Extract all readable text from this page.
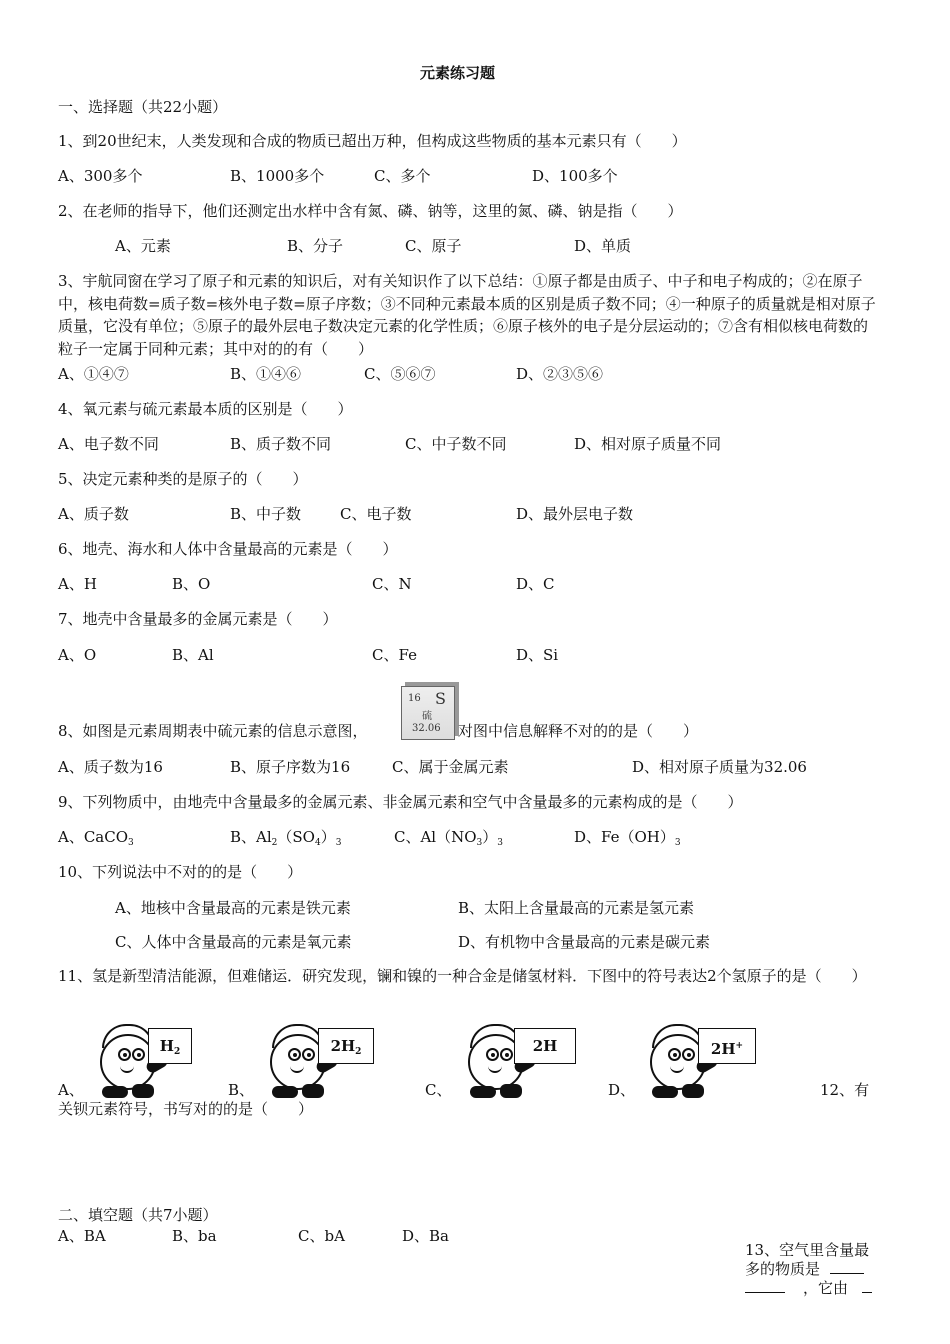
元素练习题
一、选择题（共22小题）
1、到20世纪末，人类发现和合成的物质已超出万种，但构成这些物质的基本元素只有（　　）
A、300多个	B、1000多个	C、多个	D、100多个
2、在老师的指导下，他们还测定出水样中含有氮、磷、钠等，这里的氮、磷、钠是指（　　）
A、元素	B、分子	C、原子	D、单质
3、宇航同窗在学习了原子和元素的知识后，对有关知识作了以下总结：①原子都是由质子、中子和电子构成的；②在原子中，核电荷数=质子数=核外电子数=原子序数；③不同种元素最本质的区别是质子数不同；④一种原子的质量就是相对原子质量，它没有单位；⑤原子的最外层电子数决定元素的化学性质；⑥原子核外的电子是分层运动的；⑦含有相似核电荷数的粒子一定属于同种元素；其中对的的有（　　）
A、①④⑦	B、①④⑥	C、⑤⑥⑦	D、②③⑤⑥
4、氧元素与硫元素最本质的区别是（　　）
A、电子数不同	B、质子数不同	C、中子数不同	D、相对原子质量不同
5、决定元素种类的是原子的（　　）
A、质子数	B、中子数	C、电子数	D、最外层电子数
6、地壳、海水和人体中含量最高的元素是（　　）
A、H	B、O	C、N	D、C
7、地壳中含量最多的金属元素是（　　）
A、O	B、Al	C、Fe	D、Si
8、如图是元素周期表中硫元素的信息示意图，
16 S
硫
32.06 对图中信息解释不对的的是（　　）
A、质子数为16	B、原子序数为16	C、属于金属元素	D、相对原子质量为32.06
9、下列物质中，由地壳中含量最多的金属元素、非金属元素和空气中含量最多的元素构成的是（　　）
A、CaCO$_3$	B、$Al_2(SO_4)_3$	C、$Al(NO_3)_3$	D、$Fe(OH)_3$
10、下列说法中不对的的是（　　）
A、地核中含量最高的元素是铁元素	B、太阳上含量最高的元素是氢元素
C、人体中含量最高的元素是氧元素	D、有机物中含量最高的元素是碳元素
11、氢是新型清洁能源，但难储运．研究发现，镧和镍的一种合金是储氢材料．下图中的符号表达2个氢原子的是（　　）
$H_2$	$2H_2$	2H	2H+
A、	B、	C、	D、	12、有
关钡元素符号，书写对的的是（　　）
二、填空题（共7小题）
A、BA	B、ba	C、bA	D、Ba
13、空气里含量最
多的物质是
，它由
